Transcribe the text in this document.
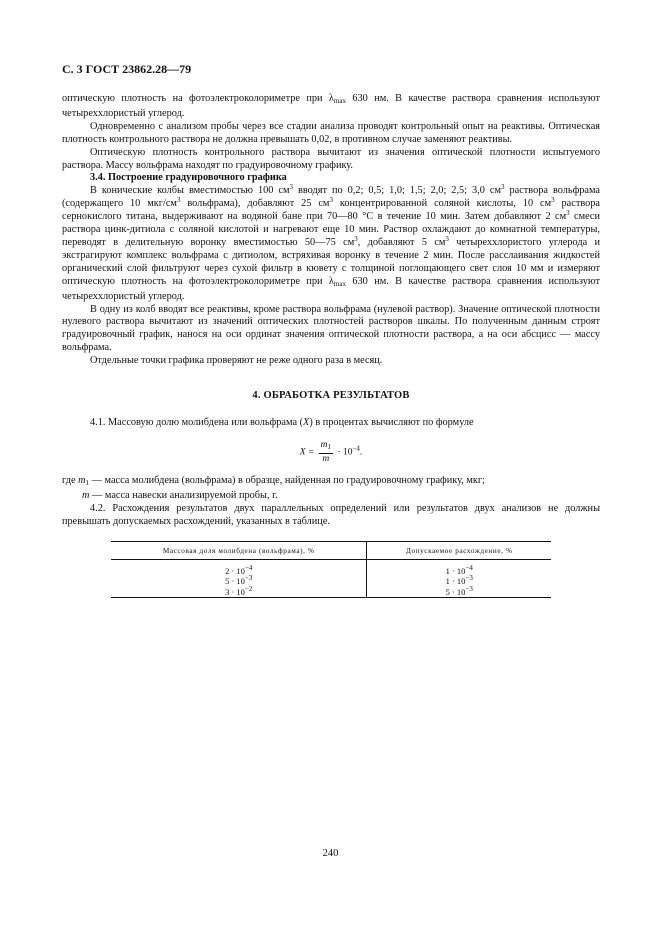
С. 3 ГОСТ 23862.28—79

оптическую плотность на фотоэлектроколориметре при $\lambda_{max}$ 630 нм. В качестве раствора сравнения используют четыреххлористый углерод.

Одновременно с анализом пробы через все стадии анализа проводят контрольный опыт на реактивы. Оптическая плотность контрольного раствора не должна превышать 0,02, в противном случае заменяют реактивы.

Оптическую плотность контрольного раствора вычитают из значения оптической плотности испытуемого раствора. Массу вольфрама находят по градуировочному графику.

3.4. Построение градуировочного графика

В конические колбы вместимостью 100 $см^3$ вводят по 0,2; 0,5; 1,0; 1,5; 2,0; 2,5; 3,0 $см^3$ раствора вольфрама (содержащего 10 мкг/$см^3$ вольфрама), добавляют 25 $см^3$ концентрированной соляной кислоты, 10 $см^3$ раствора сернокислого титана, выдерживают на водяной бане при 70—80 °С в течение 10 мин. Затем добавляют 2 $см^3$ смеси раствора цинк-дитиола с соляной кислотой и нагревают еще 10 мин. Раствор охлаждают до комнатной температуры, переводят в делительную воронку вместимостью 50—75 $см^3$, добавляют 5 $см^3$ четыреххлористого углерода и экстрагируют комплекс вольфрама с дитиолом, встряхивая воронку в течение 2 мин. После расслаивания жидкостей органический слой фильтруют через сухой фильтр в кювету с толщиной поглощающего свет слоя 10 мм и измеряют оптическую плотность на фотоэлектроколориметре при $\lambda_{max}$ 630 нм. В качестве раствора сравнения используют четыреххлористый углерод.

В одну из колб вводят все реактивы, кроме раствора вольфрама (нулевой раствор). Значение оптической плотности нулевого раствора вычитают из значений оптических плотностей растворов шкалы. По полученным данным строят градуировочный график, нанося на оси ординат значения оптической плотности раствора, а на оси абсцисс — массу вольфрама.

Отдельные точки графика проверяют не реже одного раза в месяц.

4. ОБРАБОТКА РЕЗУЛЬТАТОВ

4.1. Массовую долю молибдена или вольфрама (X) в процентах вычисляют по формуле

$X = \frac{m_1}{m} \cdot 10^{-4}$.
где $m_1$ — масса молибдена (вольфрама) в образце, найденная по градуировочному графику, мкг;
m — масса навески анализируемой пробы, г.

4.2. Расхождения результатов двух параллельных определений или результатов двух анализов не должны превышать допускаемых расхождений, указанных в таблице.

Массовая доля молибдена (вольфрама), %	Допускаемое расхождение, %
$2 \cdot 10^{-4}$	$1 \cdot 10^{-4}$
$5 \cdot 10^{-3}$	$1 \cdot 10^{-3}$
$3 \cdot 10^{-2}$	$5 \cdot 10^{-3}$
240
